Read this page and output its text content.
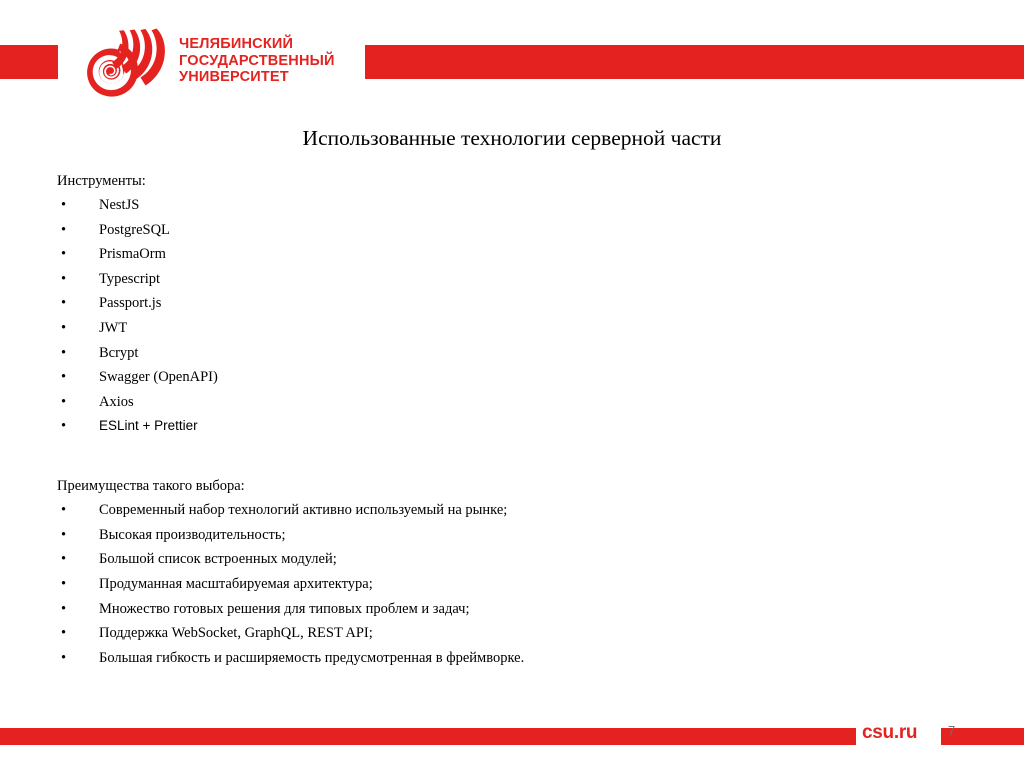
ЧЕЛЯБИНСКИЙ
ГОСУДАРСТВЕННЫЙ
УНИВЕРСИТЕТ
Использованные технологии серверной части
Инструменты:
• NestJS
• PostgreSQL
• PrismaOrm
• Typescript
• Passport.js
• JWT
• Bcrypt
• Swagger (OpenAPI)
• Axios
• ESLint + Prettier
Преимущества такого выбора:
• Современный набор технологий активно используемый на рынке;
• Высокая производительность;
• Большой список встроенных модулей;
• Продуманная масштабируемая архитектура;
• Множество готовых решения для типовых проблем и задач;
• Поддержка WebSocket, GraphQL, REST API;
• Большая гибкость и расширяемость предусмотренная в фреймворке.
csu.ru 7
